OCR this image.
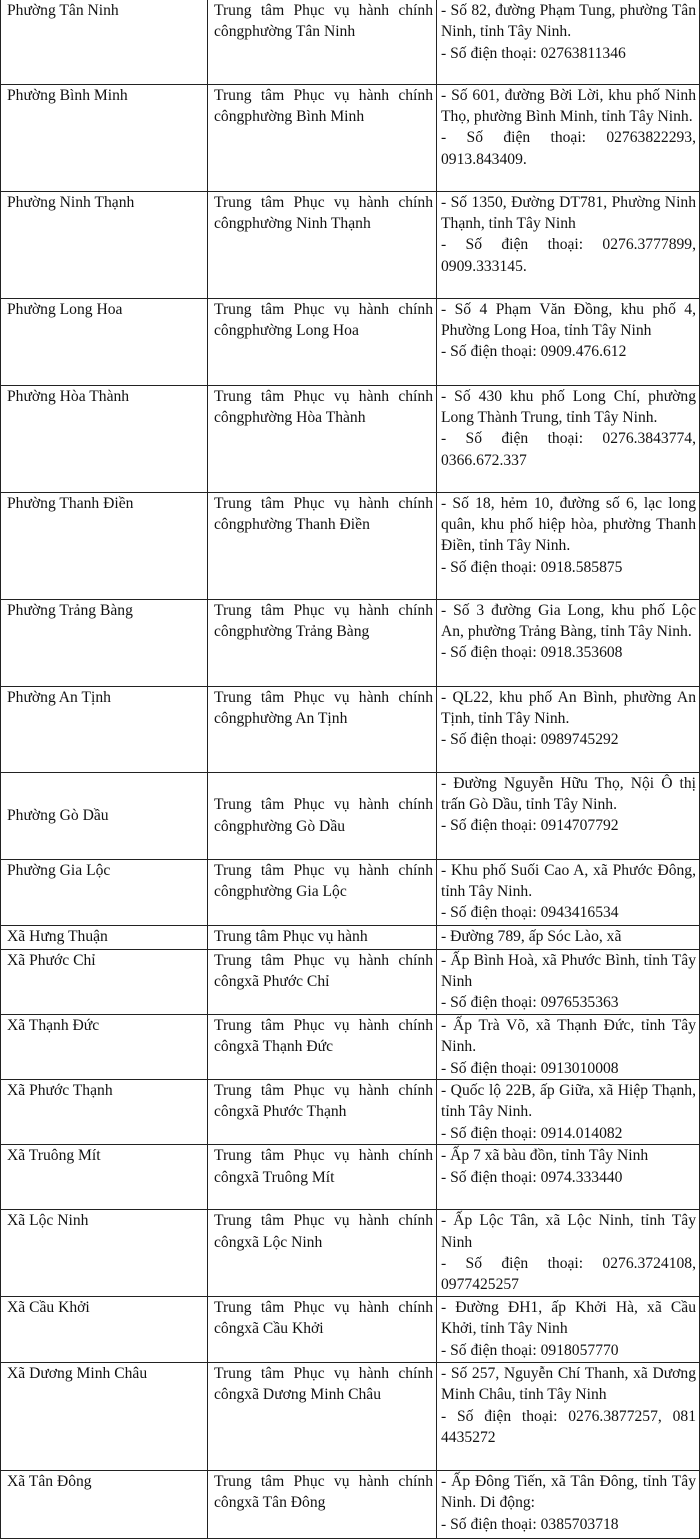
Phường Tân Ninh	Trung tâm Phục vụ hành chính côngphường Tân Ninh	- Số 82, đường Phạm Tung, phường Tân Ninh, tỉnh Tây Ninh.
- Số điện thoại: 02763811346

Phường Bình Minh	Trung tâm Phục vụ hành chính côngphường Bình Minh	- Số 601, đường Bời Lời, khu phố Ninh Thọ, phường Bình Minh, tỉnh Tây Ninh.
- Số điện thoại: 02763822293, 0913.843409.

Phường Ninh Thạnh	Trung tâm Phục vụ hành chính côngphường Ninh Thạnh	- Số 1350, Đường DT781, Phường Ninh Thạnh, tỉnh Tây Ninh
- Số điện thoại: 0276.3777899, 0909.333145.

Phường Long Hoa	Trung tâm Phục vụ hành chính côngphường Long Hoa	- Số 4 Phạm Văn Đồng, khu phố 4, Phường Long Hoa, tỉnh Tây Ninh
- Số điện thoại: 0909.476.612

Phường Hòa Thành	Trung tâm Phục vụ hành chính côngphường Hòa Thành	- Số 430 khu phố Long Chí, phường Long Thành Trung, tỉnh Tây Ninh.
- Số điện thoại: 0276.3843774, 0366.672.337

Phường Thanh Điền	Trung tâm Phục vụ hành chính côngphường Thanh Điền	- Số 18, hẻm 10, đường số 6, lạc long quân, khu phố hiệp hòa, phường Thanh Điền, tỉnh Tây Ninh.
- Số điện thoại: 0918.585875

Phường Trảng Bàng	Trung tâm Phục vụ hành chính côngphường Trảng Bàng	- Số 3 đường Gia Long, khu phố Lộc An, phường Trảng Bàng, tỉnh Tây Ninh.
- Số điện thoại: 0918.353608

Phường An Tịnh	Trung tâm Phục vụ hành chính côngphường An Tịnh	- QL22, khu phố An Bình, phường An Tịnh, tỉnh Tây Ninh.
- Số điện thoại: 0989745292

Phường Gò Dầu	Trung tâm Phục vụ hành chính côngphường Gò Dầu	- Đường Nguyễn Hữu Thọ, Nội Ô thị trấn Gò Dầu, tỉnh Tây Ninh.
- Số điện thoại: 0914707792

Phường Gia Lộc	Trung tâm Phục vụ hành chính côngphường Gia Lộc	- Khu phố Suối Cao A, xã Phước Đông, tỉnh Tây Ninh.
- Số điện thoại: 0943416534

Xã Hưng Thuận	Trung tâm Phục vụ hành	- Đường 789, ấp Sóc Lào, xã

Xã Phước Chỉ	Trung tâm Phục vụ hành chính côngxã Phước Chỉ	- Ấp Bình Hoà, xã Phước Bình, tỉnh Tây Ninh
- Số điện thoại: 0976535363

Xã Thạnh Đức	Trung tâm Phục vụ hành chính côngxã Thạnh Đức	- Ấp Trà Võ, xã Thạnh Đức, tỉnh Tây Ninh.
- Số điện thoại: 0913010008

Xã Phước Thạnh	Trung tâm Phục vụ hành chính côngxã Phước Thạnh	- Quốc lộ 22B, ấp Giữa, xã Hiệp Thạnh, tỉnh Tây Ninh.
- Số điện thoại: 0914.014082

Xã Truông Mít	Trung tâm Phục vụ hành chính côngxã Truông Mít	- Ấp 7 xã bàu đồn, tỉnh Tây Ninh
- Số điện thoại: 0974.333440

Xã Lộc Ninh	Trung tâm Phục vụ hành chính côngxã Lộc Ninh	- Ấp Lộc Tân, xã Lộc Ninh, tỉnh Tây Ninh
- Số điện thoại: 0276.3724108, 0977425257

Xã Cầu Khởi	Trung tâm Phục vụ hành chính côngxã Cầu Khởi	- Đường ĐH1, ấp Khởi Hà, xã Cầu Khởi, tỉnh Tây Ninh
- Số điện thoại: 0918057770

Xã Dương Minh Châu	Trung tâm Phục vụ hành chính côngxã Dương Minh Châu	- Số 257, Nguyễn Chí Thanh, xã Dương Minh Châu, tỉnh Tây Ninh
- Số điện thoại: 0276.3877257, 081 4435272

Xã Tân Đông	Trung tâm Phục vụ hành chính côngxã Tân Đông	- Ấp Đông Tiến, xã Tân Đông, tỉnh Tây Ninh. Di động:
- Số điện thoại: 0385703718
